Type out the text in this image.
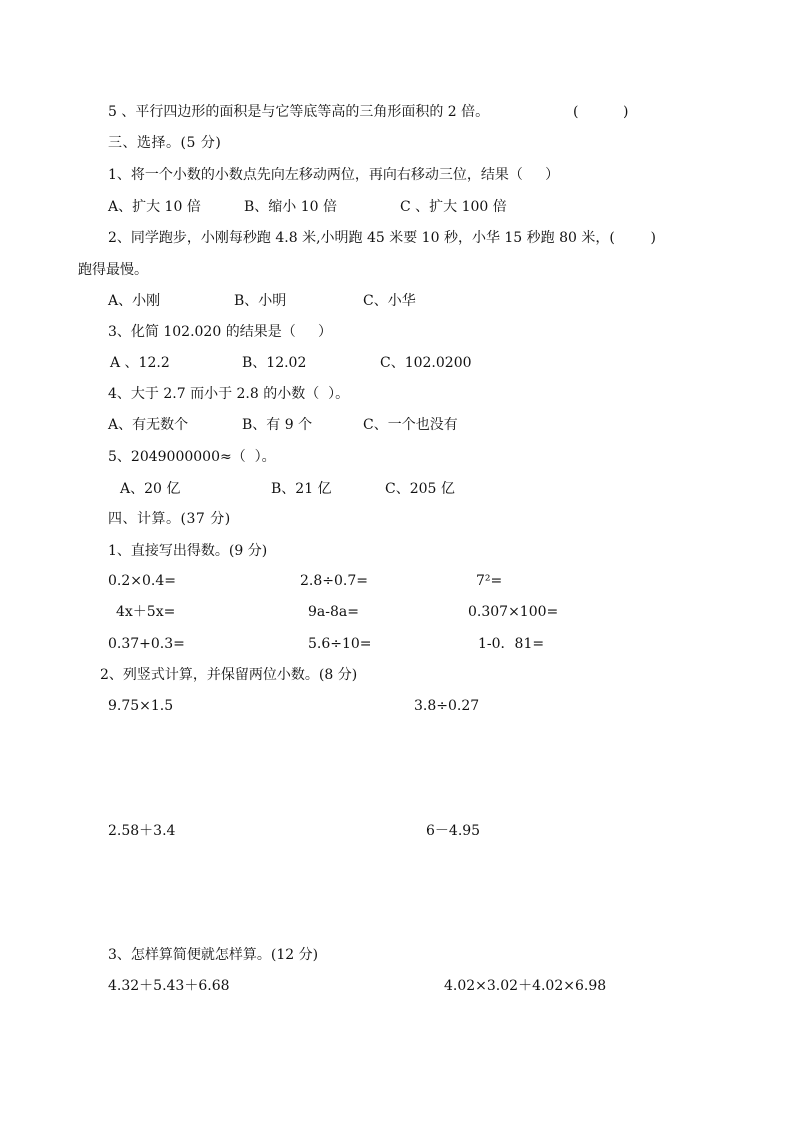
5 、平行四边形的面积是与它等底等高的三角形面积的 2 倍。	(          )
三、选择。(5 分)
1、将一个小数的小数点先向左移动两位，再向右移动三位，结果（     ）
A、扩大 10 倍	B、缩小 10 倍	C 、扩大 100 倍
2、同学跑步，小刚每秒跑 4.8 米,小明跑 45 米要 10 秒，小华 15 秒跑 80 米，(        )
跑得最慢。
A、小刚	B、小明	C、小华
3、化简 102.020 的结果是（     ）
A 、12.2	B、12.02	C、102.0200
4、大于 2.7 而小于 2.8 的小数（  ）。
A、有无数个	B、有 9 个	C、一个也没有
5、2049000000≈（  ）。
A、20 亿	B、21 亿	C、205 亿
四、计算。(37 分)
1、直接写出得数。(9 分)
0.2×0.4=	2.8÷0.7=	7²=
4x＋5x=	9a-8a=	0.307×100=
0.37+0.3=	5.6÷10=	1-0．81=
2、列竖式计算，并保留两位小数。(8 分)
9.75×1.5	3.8÷0.27
2.58＋3.4	6－4.95
3、怎样算简便就怎样算。(12 分)
4.32＋5.43＋6.68	4.02×3.02＋4.02×6.98
